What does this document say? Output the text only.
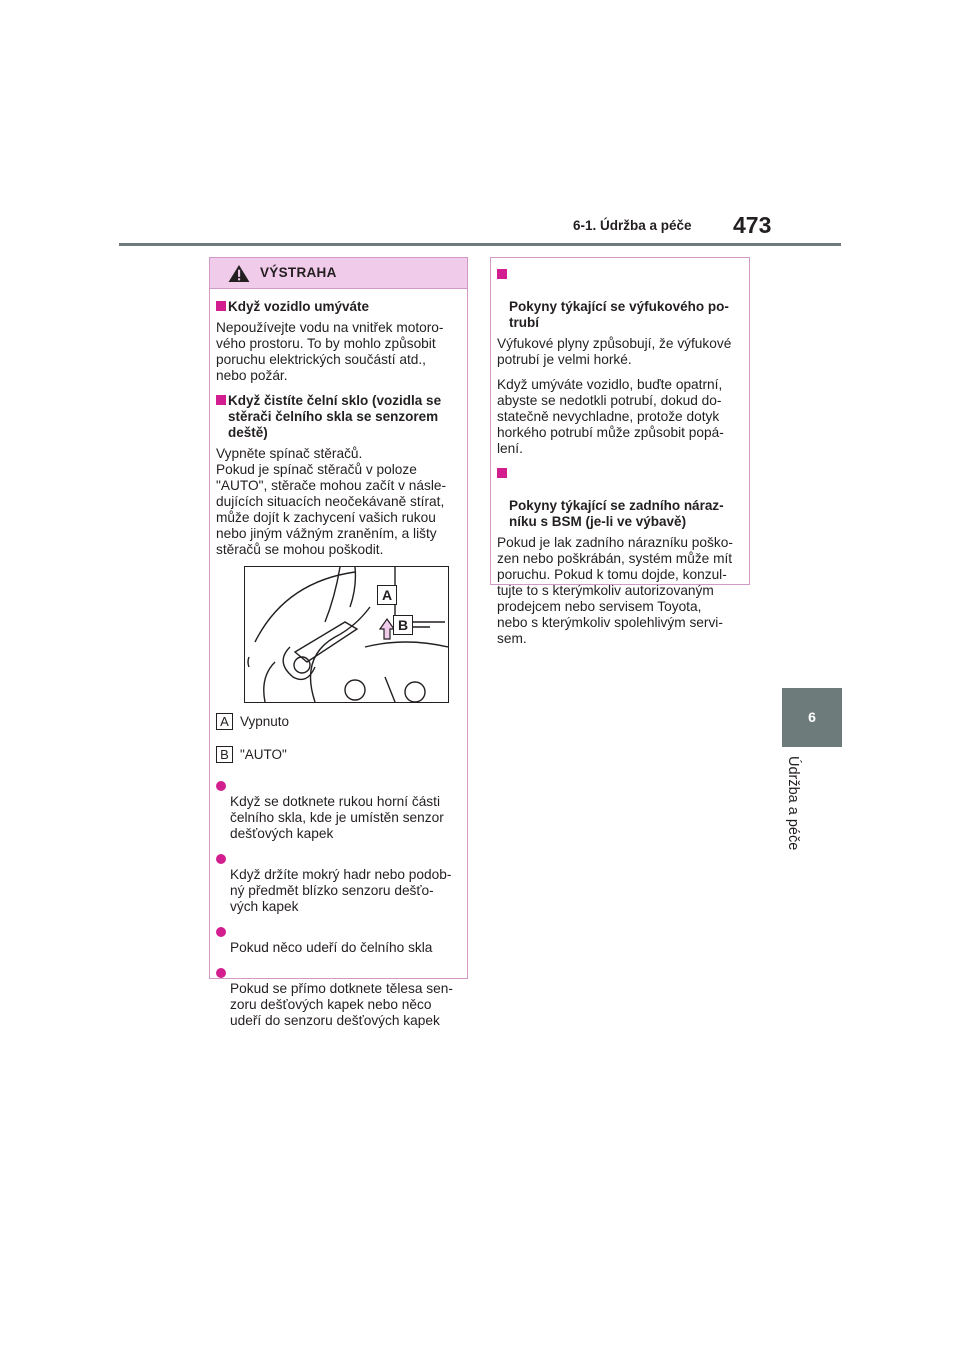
6-1. Údržba a péče 473
6
Údržba a péče
VÝSTRAHA
Když vozidlo umýváte
Nepoužívejte vodu na vnitřek motoro-
vého prostoru. To by mohlo způsobit
poruchu elektrických součástí atd.,
nebo požár.
Když čistíte čelní sklo (vozidla se stěrači čelního skla se senzorem deště)
Vypněte spínač stěračů.
Pokud je spínač stěračů v poloze
"AUTO", stěrače mohou začít v násle-
dujících situacích neočekávaně stírat,
může dojít k zachycení vašich rukou
nebo jiným vážným zraněním, a lišty
stěračů se mohou poškodit.
A
B
A Vypnuto
B "AUTO"

Když se dotknete rukou horní části
čelního skla, kde je umístěn senzor
dešťových kapek

Když držíte mokrý hadr nebo podob-
ný předmět blízko senzoru dešťo-
vých kapek

Pokud něco udeří do čelního skla

Pokud se přímo dotknete tělesa sen-
zoru dešťových kapek nebo něco
udeří do senzoru dešťových kapek

Pokyny týkající se výfukového po-
trubí

Výfukové plyny způsobují, že výfukové
potrubí je velmi horké.
Když umýváte vozidlo, buďte opatrní,
abyste se nedotkli potrubí, dokud do-
statečně nevychladne, protože dotyk
horkého potrubí může způsobit popá-
lení.

Pokyny týkající se zadního náraz-
níku s BSM (je-li ve výbavě)

Pokud je lak zadního nárazníku poško-
zen nebo poškrábán, systém může mít
poruchu. Pokud k tomu dojde, konzul-
tujte to s kterýmkoliv autorizovaným
prodejcem nebo servisem Toyota,
nebo s kterýmkoliv spolehlivým servi-
sem.
